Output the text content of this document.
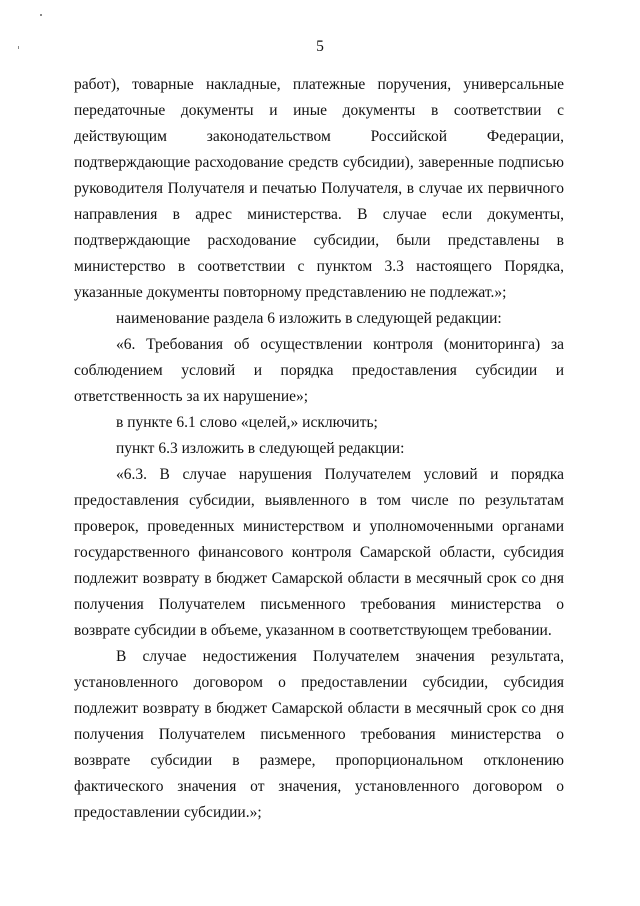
5

работ), товарные накладные, платежные поручения, универсальные передаточные документы и иные документы в соответствии с действующим законодательством Российской Федерации, подтверждающие расходование средств субсидии), заверенные подписью руководителя Получателя и печатью Получателя, в случае их первичного направления в адрес министерства. В случае если документы, подтверждающие расходование субсидии, были представлены в министерство в соответствии с пунктом 3.3 настоящего Порядка, указанные документы повторному представлению не подлежат.»;

наименование раздела 6 изложить в следующей редакции:

«6. Требования об осуществлении контроля (мониторинга) за соблюдением условий и порядка предоставления субсидии и ответственность за их нарушение»;

в пункте 6.1 слово «целей,» исключить;

пункт 6.3 изложить в следующей редакции:

«6.3. В случае нарушения Получателем условий и порядка предоставления субсидии, выявленного в том числе по результатам проверок, проведенных министерством и уполномоченными органами государственного финансового контроля Самарской области, субсидия подлежит возврату в бюджет Самарской области в месячный срок со дня получения Получателем письменного требования министерства о возврате субсидии в объеме, указанном в соответствующем требовании.

В случае недостижения Получателем значения результата, установленного договором о предоставлении субсидии, субсидия подлежит возврату в бюджет Самарской области в месячный срок со дня получения Получателем письменного требования министерства о возврате субсидии в размере, пропорциональном отклонению фактического значения от значения, установленного договором о предоставлении субсидии.»;
